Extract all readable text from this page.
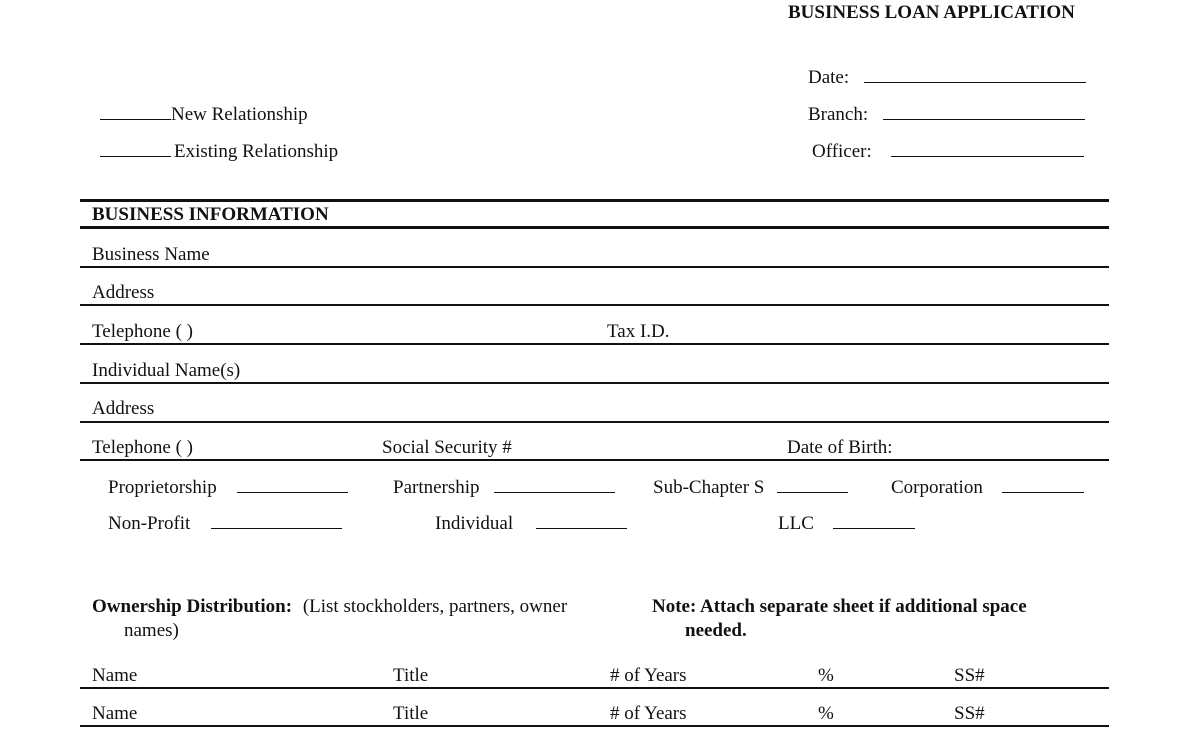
BUSINESS LOAN APPLICATION
Date:
Branch:
Officer:
New Relationship
Existing Relationship
BUSINESS INFORMATION
Business Name
Address
Telephone ( )	Tax I.D.
Individual Name(s)
Address
Telephone ( )	Social Security #	Date of Birth:
Proprietorship	Partnership	Sub-Chapter S	Corporation
Non-Profit	Individual	LLC
Ownership Distribution: (List stockholders, partners, owner
names)
Note: Attach separate sheet if additional space
needed.
Name	Title	# of Years	%	SS#
Name	Title	# of Years	%	SS#
